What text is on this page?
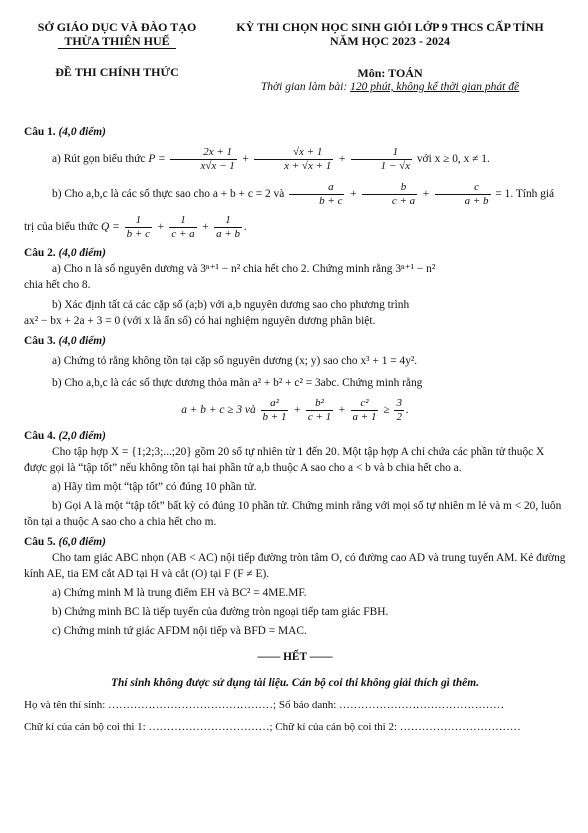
SỞ GIÁO DỤC VÀ ĐÀO TẠO
THỪA THIÊN HUẾ
ĐỀ THI CHÍNH THỨC
KỲ THI CHỌN HỌC SINH GIỎI LỚP 9 THCS CẤP TỈNH
NĂM HỌC 2023 - 2024
Môn: TOÁN
Thời gian làm bài: 120 phút, không kể thời gian phát đề

Câu 1. (4,0 điểm)

a) Rút gọn biểu thức $P = \frac{2x + 1}{x√x - 1} + \frac{√x + 1}{x + √x + 1} + \frac{1}{1 - √x}$ với x ≥ 0, x ≠ 1.

b) Cho a,b,c là các số thực sao cho a + b + c = 2 và $\frac{a}{b + c} + \frac{b}{c + a} + \frac{c}{a + b} = 1$. Tính giá

trị của biểu thức $Q = \frac{1}{b + c} + \frac{1}{c + a} + \frac{1}{a + b}$ .

Câu 2. (4,0 điểm)

a) Cho n là số nguyên dương và 3ⁿ⁺¹ − n² chia hết cho 2. Chứng minh rằng 3ⁿ⁺¹ − n²

chia hết cho 8.

b) Xác định tất cả các cặp số (a;b) với a,b nguyên dương sao cho phương trình

ax² − bx + 2a + 3 = 0 (với x là ẩn số) có hai nghiệm nguyên dương phân biệt.

Câu 3. (4,0 điểm)

a) Chứng tỏ rằng không tồn tại cặp số nguyên dương (x; y) sao cho x³ + 1 = 4y².

b) Cho a,b,c là các số thực dương thỏa mãn a² + b² + c² = 3abc. Chứng minh rằng

a + b + c ≥ 3 và $\frac{\text{a²}}{b + 1} + \frac{\text{b²}}{c + 1} + \frac{\text{c²}}{a + 1} \ge \frac{3}{2}$ .

Câu 4. (2,0 điểm)

Cho tập hợp X = {1;2;3;...;20} gồm 20 số tự nhiên từ 1 đến 20. Một tập hợp A chỉ chứa các phần tử thuộc X được gọi là “tập tốt” nếu không tồn tại hai phần tử a,b thuộc A sao cho a < b và b chia hết cho a.

a) Hãy tìm một “tập tốt” có đúng 10 phần tử.

b) Gọi A là một “tập tốt” bất kỳ có đúng 10 phần tử. Chứng minh rằng với mọi số tự nhiên m lẻ và m < 20, luôn tồn tại a thuộc A sao cho a chia hết cho m.

Câu 5. (6,0 điểm)

Cho tam giác ABC nhọn (AB < AC) nội tiếp đường tròn tâm O, có đường cao AD và trung tuyến AM. Kẻ đường kính AE, tia EM cắt AD tại H và cắt (O) tại F (F ≠ E).

a) Chứng minh M là trung điểm EH và BC² = 4ME.MF.

b) Chứng minh BC là tiếp tuyến của đường tròn ngoại tiếp tam giác FBH.

c) Chứng minh tứ giác AFDM nội tiếp và BFD = MAC.

—— HẾT ——

Thí sinh không được sử dụng tài liệu. Cán bộ coi thi không giải thích gì thêm.

Họ và tên thí sinh: ………………………………………; Số báo danh: ………………………………………

Chữ kí của cán bộ coi thi 1: ……………………………; Chữ kí của cán bộ coi thi 2: ……………………………
